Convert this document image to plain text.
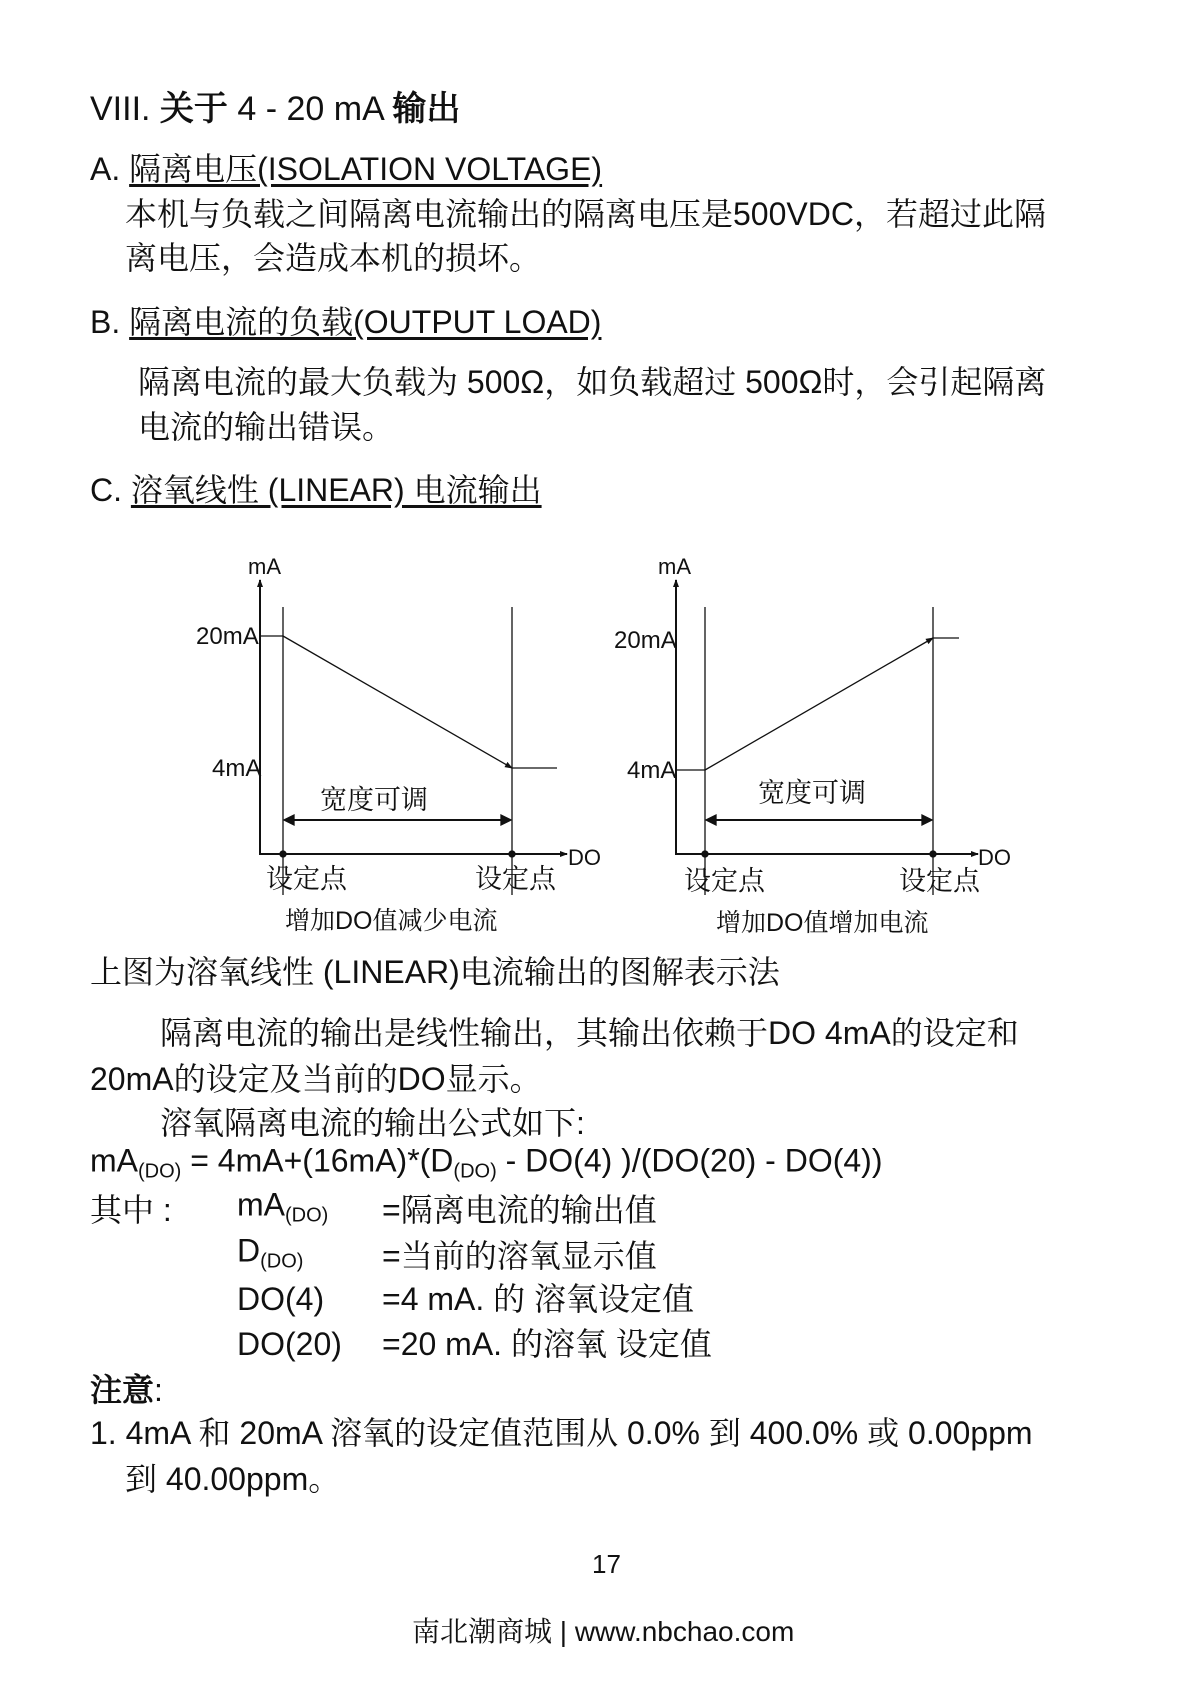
VIII. 关于 4 - 20 mA 输出
A. 隔离电压(ISOLATION VOLTAGE)
本机与负载之间隔离电流输出的隔离电压是500VDC，若超过此隔
离电压，会造成本机的损坏。
B. 隔离电流的负载(OUTPUT LOAD)
隔离电流的最大负载为 500Ω，如负载超过 500Ω时，会引起隔离
电流的输出错误。
C. 溶氧线性 (LINEAR) 电流输出
mA
20mA
4mA
宽度可调
DO
设定点	设定点
增加DO值减少电流
mA
20mA
4mA
宽度可调
DO
设定点	设定点
增加DO值增加电流
上图为溶氧线性 (LINEAR)电流输出的图解表示法
隔离电流的输出是线性输出，其输出依赖于DO 4mA的设定和
20mA的设定及当前的DO显示。
溶氧隔离电流的输出公式如下:
$mA_{(DO)} = 4mA+(16mA)*(D_{(DO)} - DO(4)$ )/(DO(20) - DO(4))
其中 : $mA_{(DO)}$ =隔离电流的输出值
$D_{(DO)}$ =当前的溶氧显示值
DO(4) =4 mA. 的 溶氧设定值
DO(20) =20 mA. 的溶氧 设定值
注意:
1. 4mA 和 20mA 溶氧的设定值范围从 0.0% 到 400.0% 或 0.00ppm
到 40.00ppm。
17
南北潮商城 | www.nbchao.com
